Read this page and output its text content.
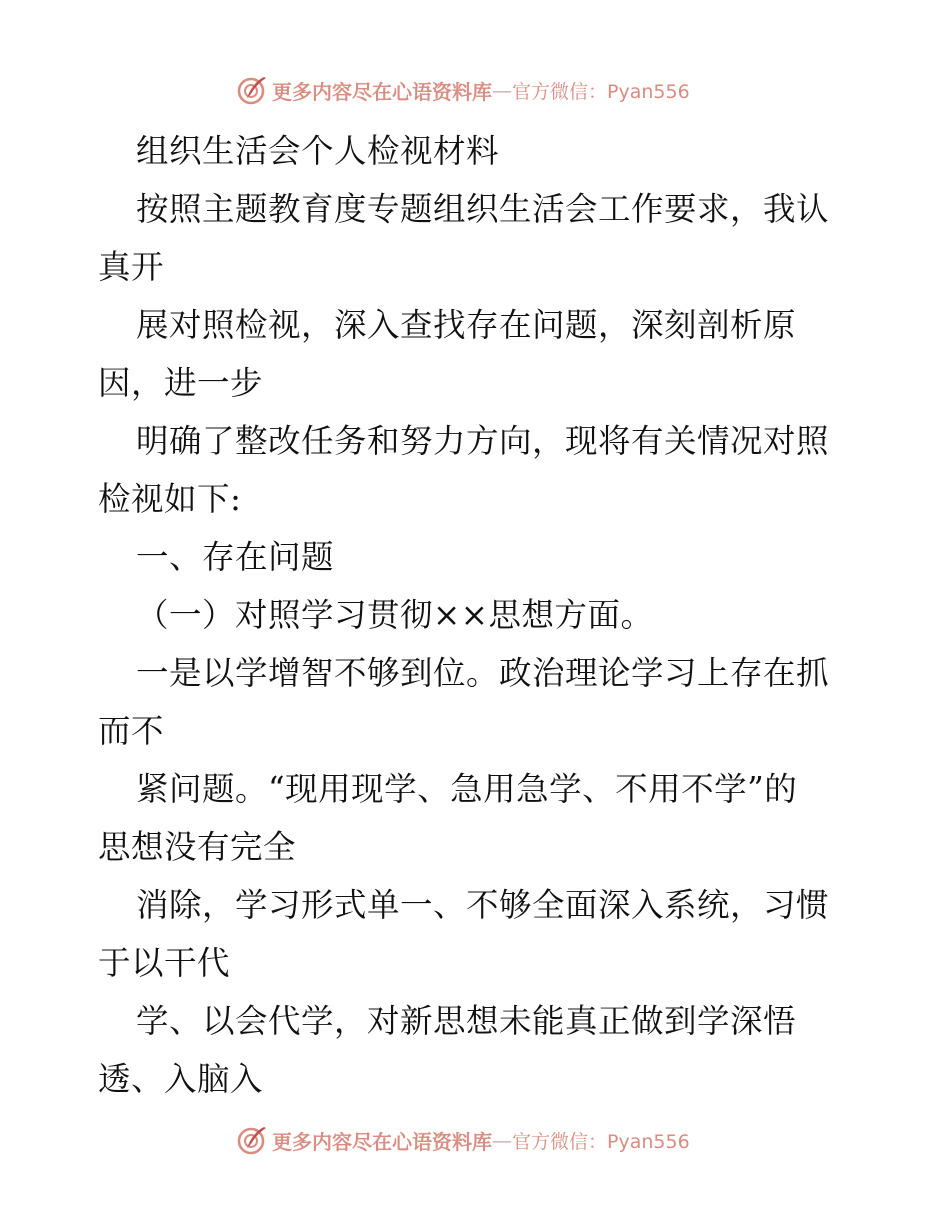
更多内容尽在心语资料库 — 官方微信：Pyan556
组织生活会个人检视材料
按照主题教育度专题组织生活会工作要求，我认
真开
展对照检视，深入查找存在问题，深刻剖析原
因，进一步
明确了整改任务和努力方向，现将有关情况对照
检视如下:
一、存在问题
（一）对照学习贯彻××思想方面。
一是以学增智不够到位。政治理论学习上存在抓
而不
紧问题。“现用现学、急用急学、不用不学”的
思想没有完全
消除，学习形式单一、不够全面深入系统，习惯
于以干代
学、以会代学，对新思想未能真正做到学深悟
透、入脑入
更多内容尽在心语资料库 — 官方微信：Pyan556
